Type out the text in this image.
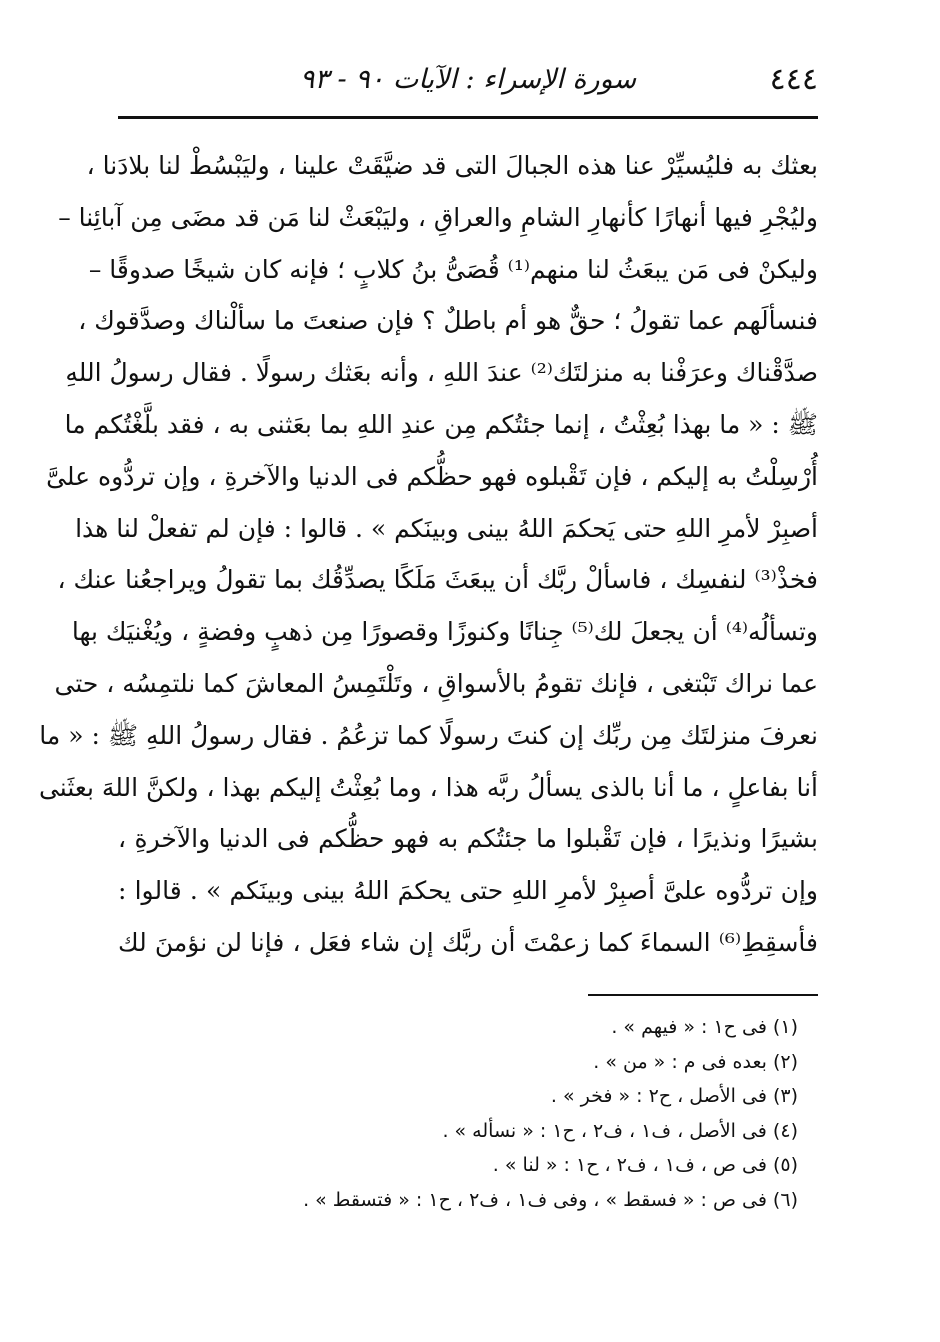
٤٤٤
سورة الإسراء : الآيات ٩٠ - ٩٣
بعثك به فليُسيِّرْ عنا هذه الجبالَ التى قد ضيَّقَتْ علينا ، وليَبْسُطْ لنا بلادَنا ،
وليُجْرِ فيها أنهارًا كأنهارِ الشامِ والعراقِ ، وليَبْعَثْ لنا مَن قد مضَى مِن آبائِنا –
وليكنْ فى مَن يبعَثُ لنا منهم⁽¹⁾ قُصَىُّ بنُ كلابٍ ؛ فإنه كان شيخًا صدوقًا –
فنسألَهم عما تقولُ ؛ حقٌّ هو أم باطلٌ ؟ فإن صنعتَ ما سألْناك وصدَّقوك ،
صدَّقْناك وعرَفْنا به منزلتَك⁽²⁾ عندَ اللهِ ، وأنه بعَثك رسولًا . فقال رسولُ اللهِ
ﷺ : « ما بهذا بُعِثْتُ ، إنما جئتُكم مِن عندِ اللهِ بما بعَثنى به ، فقد بلَّغْتُكم ما
أُرْسِلْتُ به إليكم ، فإن تَقْبلوه فهو حظُّكم فى الدنيا والآخرةِ ، وإن تردُّوه علىَّ
أصبِرْ لأمرِ اللهِ حتى يَحكمَ اللهُ بينى وبينَكم » . قالوا : فإن لم تفعلْ لنا هذا
فخذْ⁽³⁾ لنفسِك ، فاسألْ ربَّك أن يبعَثَ مَلَكًا يصدِّقُك بما تقولُ ويراجعُنا عنك ،
وتسألُه⁽⁴⁾ أن يجعلَ لك⁽⁵⁾ جِنانًا وكنوزًا وقصورًا مِن ذهبٍ وفضةٍ ، ويُغْنيَك بها
عما نراك تَبْتغى ، فإنك تقومُ بالأسواقِ ، وتَلْتَمِسُ المعاشَ كما نلتمِسُه ، حتى
نعرفَ منزلتَك مِن ربِّك إن كنتَ رسولًا كما تزعُمُ . فقال رسولُ اللهِ ﷺ : « ما
أنا بفاعلٍ ، ما أنا بالذى يسألُ ربَّه هذا ، وما بُعِثْتُ إليكم بهذا ، ولكنَّ اللهَ بعثَنى
بشيرًا ونذيرًا ، فإن تَقْبلوا ما جئتُكم به فهو حظُّكم فى الدنيا والآخرةِ ،
وإن تردُّوه علىَّ أصبِرْ لأمرِ اللهِ حتى يحكمَ اللهُ بينى وبينَكم » . قالوا :
فأسقِطِ⁽⁶⁾ السماءَ كما زعمْتَ أن ربَّك إن شاء فعَل ، فإنا لن نؤمنَ لك
(١) فى ح١ : « فيهم » .
(٢) بعده فى م : « من » .
(٣) فى الأصل ، ح٢ : « فخر » .
(٤) فى الأصل ، ف١ ، ف٢ ، ح١ : « نسأله » .
(٥) فى ص ، ف١ ، ف٢ ، ح١ : « لنا » .
(٦) فى ص : « فسقط » ، وفى ف١ ، ف٢ ، ح١ : « فتسقط » .
